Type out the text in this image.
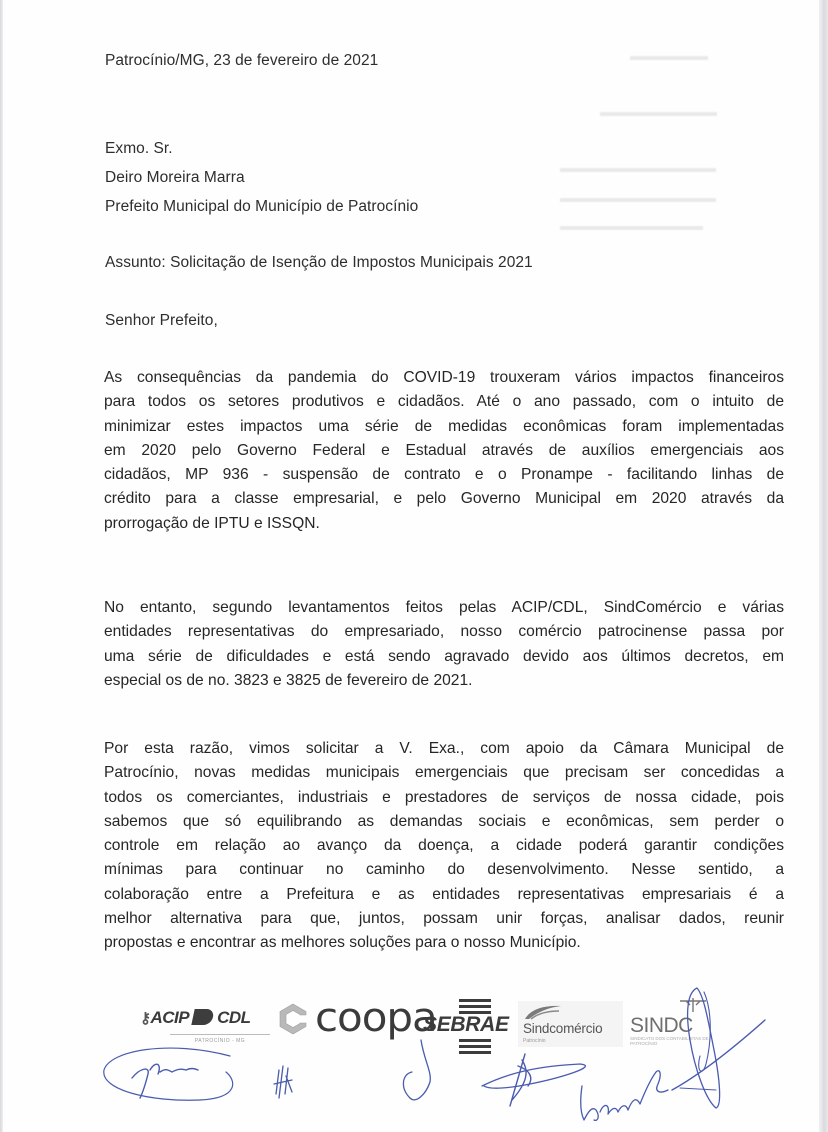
▬▬▬▬▬▬
▬▬▬▬▬▬▬▬▬
▬▬▬▬▬▬▬▬▬▬▬▬
▬▬▬▬▬▬▬▬▬▬▬▬
▬▬▬▬▬▬▬▬▬▬▬
Patrocínio/MG, 23 de fevereiro de 2021
Exmo. Sr.
Deiro Moreira Marra
Prefeito Municipal do Município de Patrocínio
Assunto: Solicitação de Isenção de Impostos Municipais 2021
Senhor Prefeito,
As consequências da pandemia do COVID-19 trouxeram vários impactos financeiros
para todos os setores produtivos e cidadãos. Até o ano passado, com o intuito de
minimizar estes impactos uma série de medidas econômicas foram implementadas
em 2020 pelo Governo Federal e Estadual através de auxílios emergenciais aos
cidadãos, MP 936 - suspensão de contrato e o Pronampe - facilitando linhas de
crédito para a classe empresarial, e pelo Governo Municipal em 2020 através da
prorrogação de IPTU e ISSQN.
No entanto, segundo levantamentos feitos pelas ACIP/CDL, SindComércio e várias
entidades representativas do empresariado, nosso comércio patrocinense passa por
uma série de dificuldades e está sendo agravado devido aos últimos decretos, em
especial os de no. 3823 e 3825 de fevereiro de 2021.
Por esta razão, vimos solicitar a V. Exa., com apoio da Câmara Municipal de
Patrocínio, novas medidas municipais emergenciais que precisam ser concedidas a
todos os comerciantes, industriais e prestadores de serviços de nossa cidade, pois
sabemos que só equilibrando as demandas sociais e econômicas, sem perder o
controle em relação ao avanço da doença, a cidade poderá garantir condições
mínimas para continuar no caminho do desenvolvimento. Nesse sentido, a
colaboração entre a Prefeitura e as entidades representativas empresariais é a
melhor alternativa para que, juntos, possam unir forças, analisar dados, reunir
propostas e encontrar as melhores soluções para o nosso Município.
⚷ACIP CDL
PATROCÍNIO - MG	coopa
SEBRAE Sindcomércio
Patrocínio
SINDC
SINDICATO DOS CONTABILISTAS DE PATROCÍNIO
